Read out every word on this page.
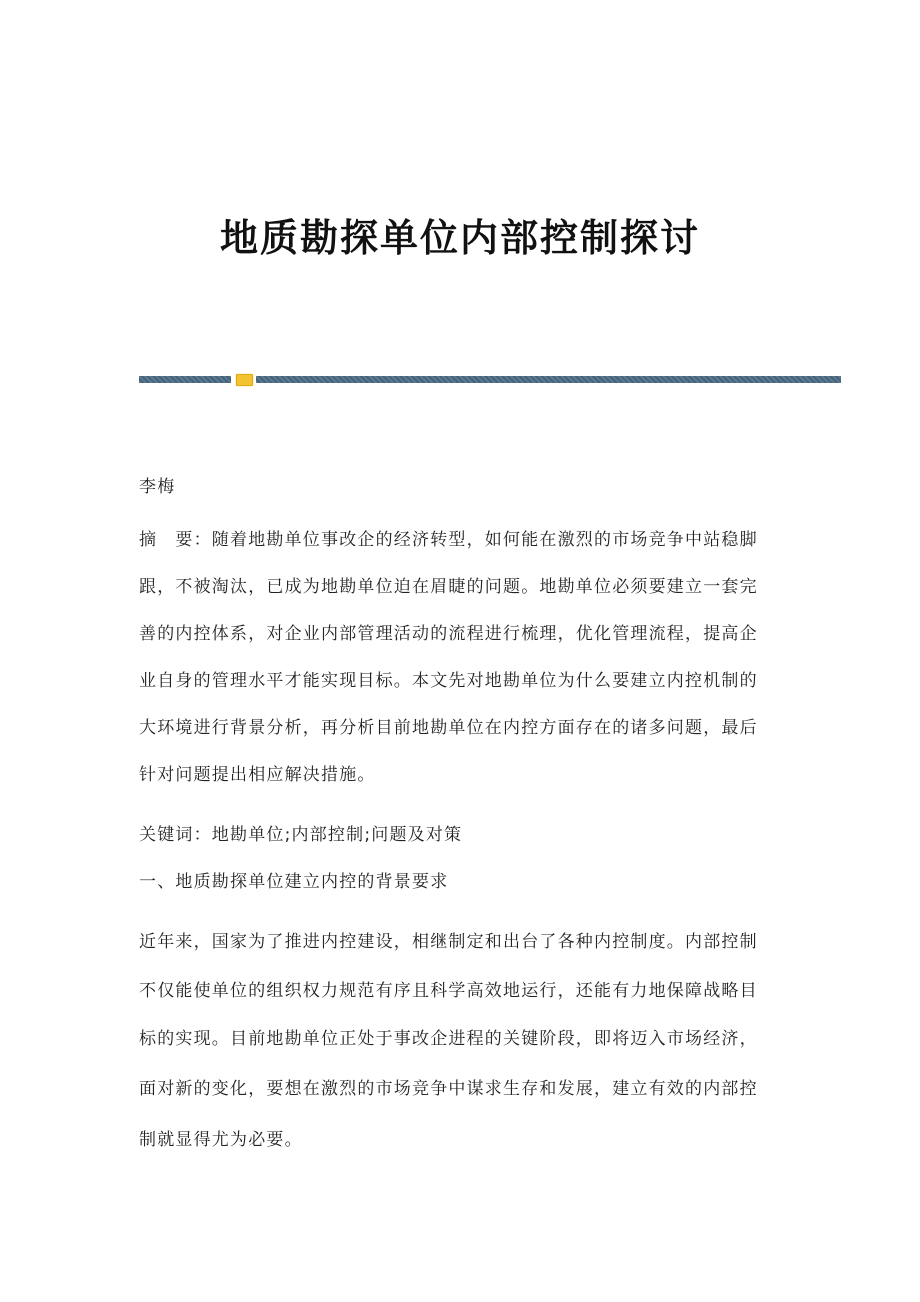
地质勘探单位内部控制探讨
李梅
摘　要：随着地勘单位事改企的经济转型，如何能在激烈的市场竞争中站稳脚
跟，不被淘汰，已成为地勘单位迫在眉睫的问题。地勘单位必须要建立一套完
善的内控体系，对企业内部管理活动的流程进行梳理，优化管理流程，提高企
业自身的管理水平才能实现目标。本文先对地勘单位为什么要建立内控机制的
大环境进行背景分析，再分析目前地勘单位在内控方面存在的诸多问题，最后
针对问题提出相应解决措施。
关键词：地勘单位;内部控制;问题及对策
一、地质勘探单位建立内控的背景要求
近年来，国家为了推进内控建设，相继制定和出台了各种内控制度。内部控制
不仅能使单位的组织权力规范有序且科学高效地运行，还能有力地保障战略目
标的实现。目前地勘单位正处于事改企进程的关键阶段，即将迈入市场经济，
面对新的变化，要想在激烈的市场竞争中谋求生存和发展，建立有效的内部控
制就显得尤为必要。
